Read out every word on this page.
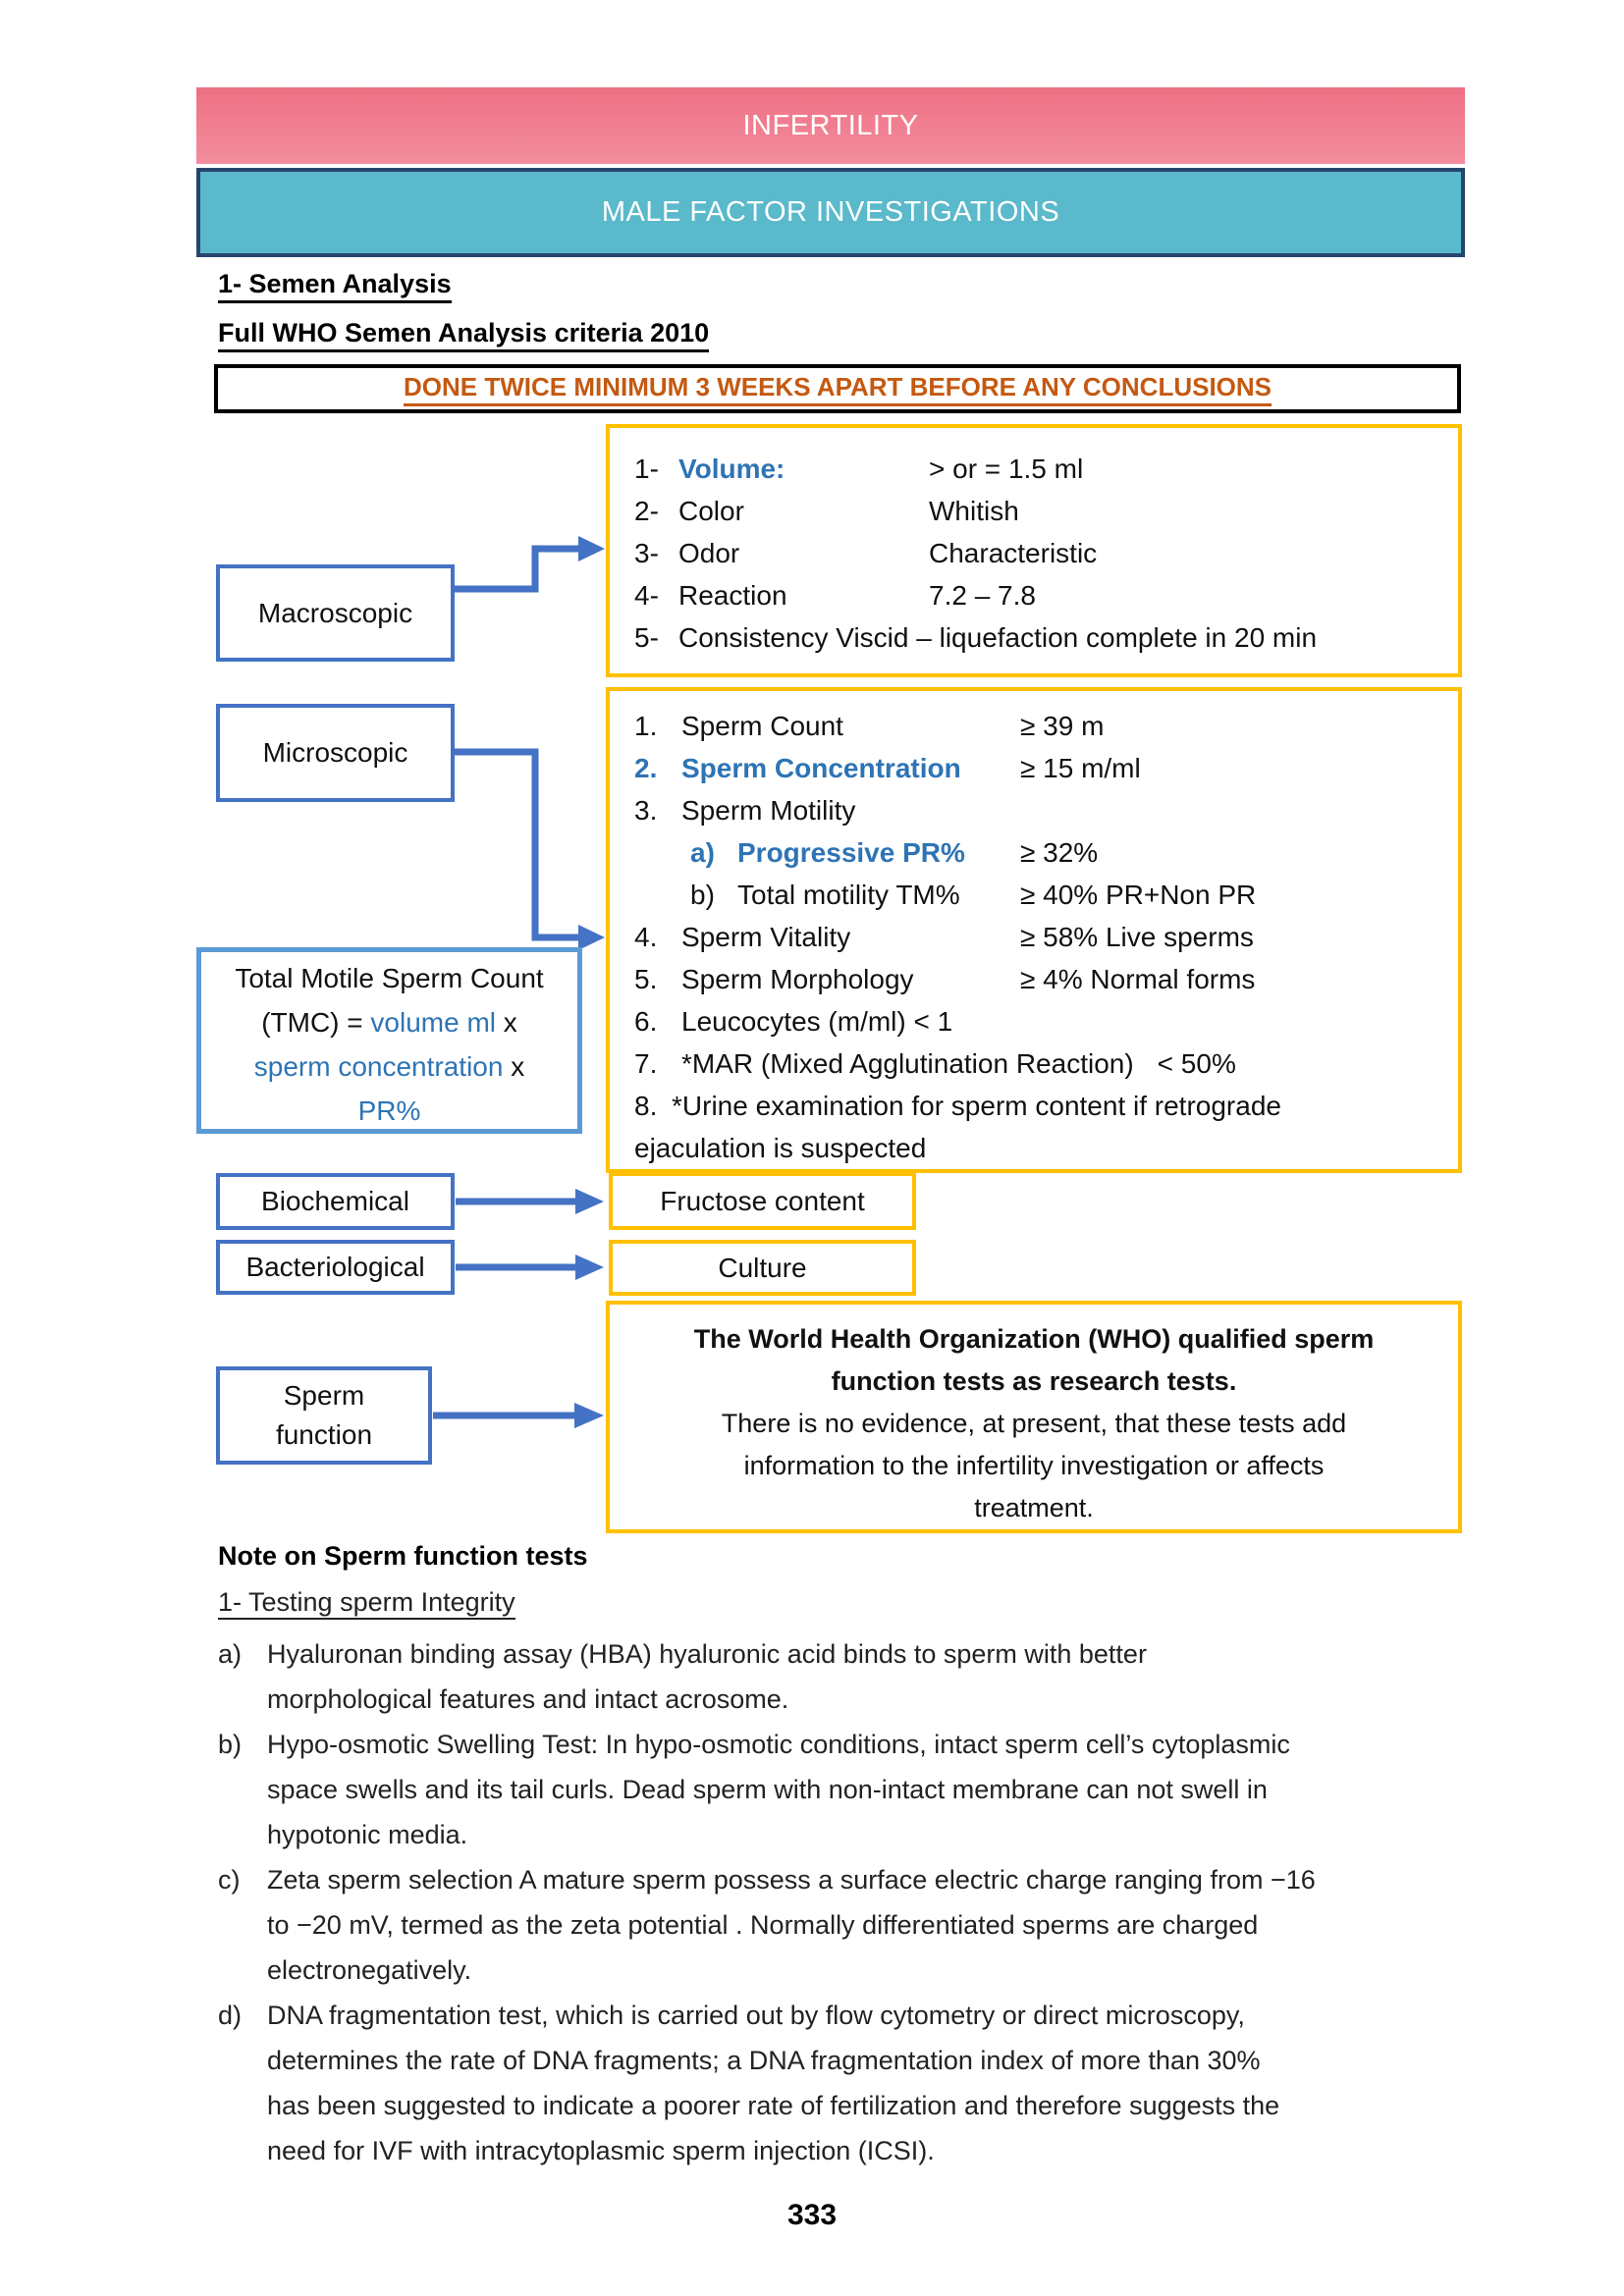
INFERTILITY
MALE FACTOR INVESTIGATIONS
1- Semen Analysis
Full WHO Semen Analysis criteria 2010
DONE TWICE MINIMUM 3 WEEKS APART BEFORE ANY CONCLUSIONS
1- Volume:	> or = 1.5 ml
2- Color	Whitish
3- Odor	Characteristic
4- Reaction	7.2 – 7.8
5- Consistency Viscid – liquefaction complete in 20 min
Macroscopic
1. Sperm Count	≥ 39 m
2. Sperm Concentration	≥ 15 m/ml
3. Sperm Motility
a) Progressive PR%	≥ 32%
b) Total motility TM%	≥ 40% PR+Non PR
4. Sperm Vitality	≥ 58% Live sperms
5. Sperm Morphology	≥ 4% Normal forms
6. Leucocytes (m/ml) < 1
7. *MAR (Mixed Agglutination Reaction) < 50%
8. *Urine examination for sperm content if retrograde
ejaculation is suspected
Microscopic
Total Motile Sperm Count
(TMC) = volume ml x
sperm concentration x
PR%
Biochemical	Fructose content
Bacteriological	Culture
The World Health Organization (WHO) qualified sperm
function tests as research tests.
There is no evidence, at present, that these tests add
information to the infertility investigation or affects
treatment.
Sperm
function
Note on Sperm function tests
1- Testing sperm Integrity
a) Hyaluronan binding assay (HBA) hyaluronic acid binds to sperm with better
morphological features and intact acrosome.
b) Hypo-osmotic Swelling Test: In hypo-osmotic conditions, intact sperm cell’s cytoplasmic
space swells and its tail curls. Dead sperm with non-intact membrane can not swell in
hypotonic media.
c)	Zeta sperm selection A mature sperm possess a surface electric charge ranging from −16
to −20 mV, termed as the zeta potential . Normally differentiated sperms are charged
electronegatively.
d) DNA fragmentation test, which is carried out by flow cytometry or direct microscopy,
determines the rate of DNA fragments; a DNA fragmentation index of more than 30%
has been suggested to indicate a poorer rate of fertilization and therefore suggests the
need for IVF with intracytoplasmic sperm injection (ICSI).
333
